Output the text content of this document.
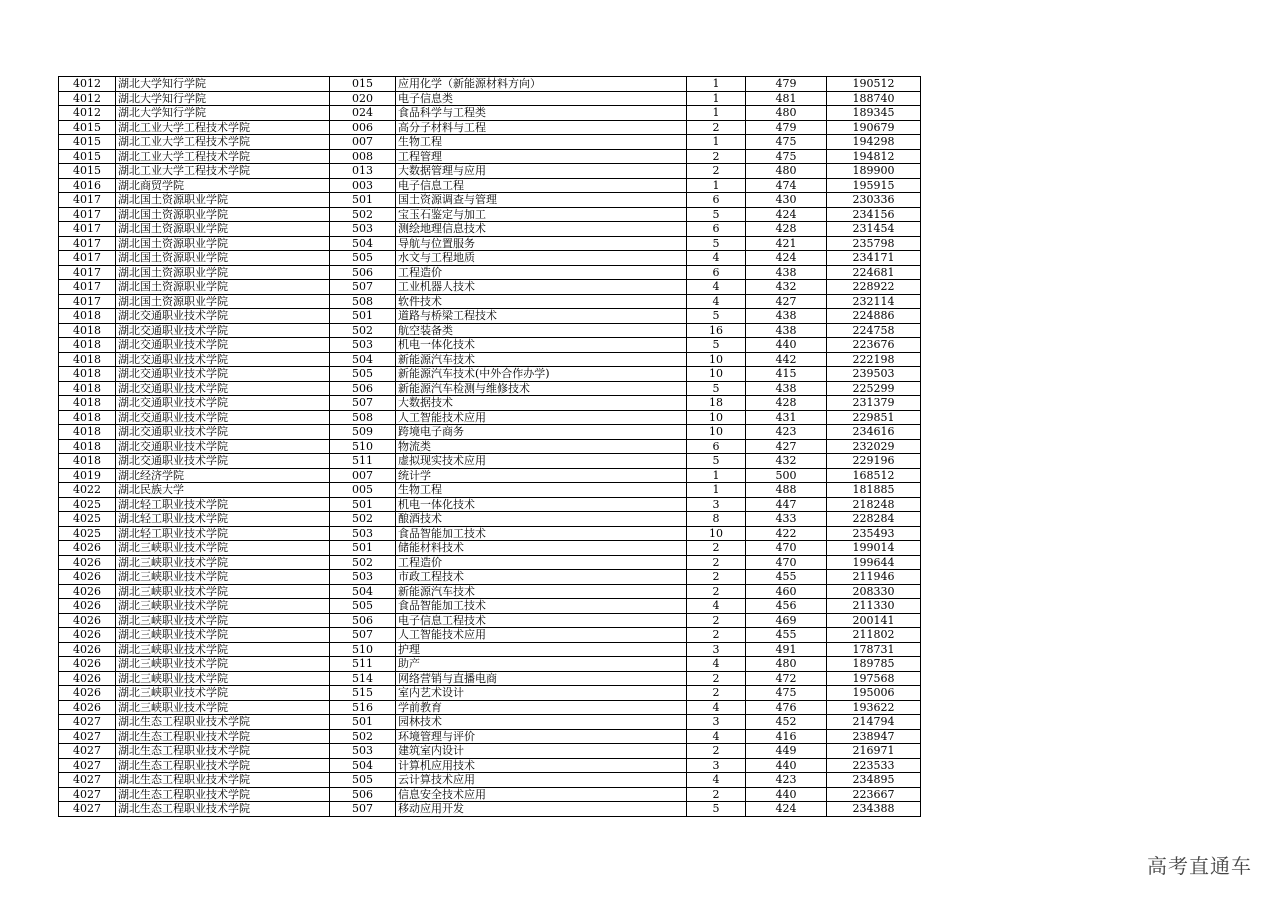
4012	湖北大学知行学院	015	应用化学（新能源材料方向）	1	479	190512
4012	湖北大学知行学院	020	电子信息类	1	481	188740
4012	湖北大学知行学院	024	食品科学与工程类	1	480	189345
4015	湖北工业大学工程技术学院	006	高分子材料与工程	2	479	190679
4015	湖北工业大学工程技术学院	007	生物工程	1	475	194298
4015	湖北工业大学工程技术学院	008	工程管理	2	475	194812
4015	湖北工业大学工程技术学院	013	大数据管理与应用	2	480	189900
4016	湖北商贸学院	003	电子信息工程	1	474	195915
4017	湖北国土资源职业学院	501	国土资源调查与管理	6	430	230336
4017	湖北国土资源职业学院	502	宝玉石鉴定与加工	5	424	234156
4017	湖北国土资源职业学院	503	测绘地理信息技术	6	428	231454
4017	湖北国土资源职业学院	504	导航与位置服务	5	421	235798
4017	湖北国土资源职业学院	505	水文与工程地质	4	424	234171
4017	湖北国土资源职业学院	506	工程造价	6	438	224681
4017	湖北国土资源职业学院	507	工业机器人技术	4	432	228922
4017	湖北国土资源职业学院	508	软件技术	4	427	232114
4018	湖北交通职业技术学院	501	道路与桥梁工程技术	5	438	224886
4018	湖北交通职业技术学院	502	航空装备类	16	438	224758
4018	湖北交通职业技术学院	503	机电一体化技术	5	440	223676
4018	湖北交通职业技术学院	504	新能源汽车技术	10	442	222198
4018	湖北交通职业技术学院	505	新能源汽车技术(中外合作办学)	10	415	239503
4018	湖北交通职业技术学院	506	新能源汽车检测与维修技术	5	438	225299
4018	湖北交通职业技术学院	507	大数据技术	18	428	231379
4018	湖北交通职业技术学院	508	人工智能技术应用	10	431	229851
4018	湖北交通职业技术学院	509	跨境电子商务	10	423	234616
4018	湖北交通职业技术学院	510	物流类	6	427	232029
4018	湖北交通职业技术学院	511	虚拟现实技术应用	5	432	229196
4019	湖北经济学院	007	统计学	1	500	168512
4022	湖北民族大学	005	生物工程	1	488	181885
4025	湖北轻工职业技术学院	501	机电一体化技术	3	447	218248
4025	湖北轻工职业技术学院	502	酿酒技术	8	433	228284
4025	湖北轻工职业技术学院	503	食品智能加工技术	10	422	235493
4026	湖北三峡职业技术学院	501	储能材料技术	2	470	199014
4026	湖北三峡职业技术学院	502	工程造价	2	470	199644
4026	湖北三峡职业技术学院	503	市政工程技术	2	455	211946
4026	湖北三峡职业技术学院	504	新能源汽车技术	2	460	208330
4026	湖北三峡职业技术学院	505	食品智能加工技术	4	456	211330
4026	湖北三峡职业技术学院	506	电子信息工程技术	2	469	200141
4026	湖北三峡职业技术学院	507	人工智能技术应用	2	455	211802
4026	湖北三峡职业技术学院	510	护理	3	491	178731
4026	湖北三峡职业技术学院	511	助产	4	480	189785
4026	湖北三峡职业技术学院	514	网络营销与直播电商	2	472	197568
4026	湖北三峡职业技术学院	515	室内艺术设计	2	475	195006
4026	湖北三峡职业技术学院	516	学前教育	4	476	193622
4027	湖北生态工程职业技术学院	501	园林技术	3	452	214794
4027	湖北生态工程职业技术学院	502	环境管理与评价	4	416	238947
4027	湖北生态工程职业技术学院	503	建筑室内设计	2	449	216971
4027	湖北生态工程职业技术学院	504	计算机应用技术	3	440	223533
4027	湖北生态工程职业技术学院	505	云计算技术应用	4	423	234895
4027	湖北生态工程职业技术学院	506	信息安全技术应用	2	440	223667
4027	湖北生态工程职业技术学院	507	移动应用开发	5	424	234388
高考直通车
